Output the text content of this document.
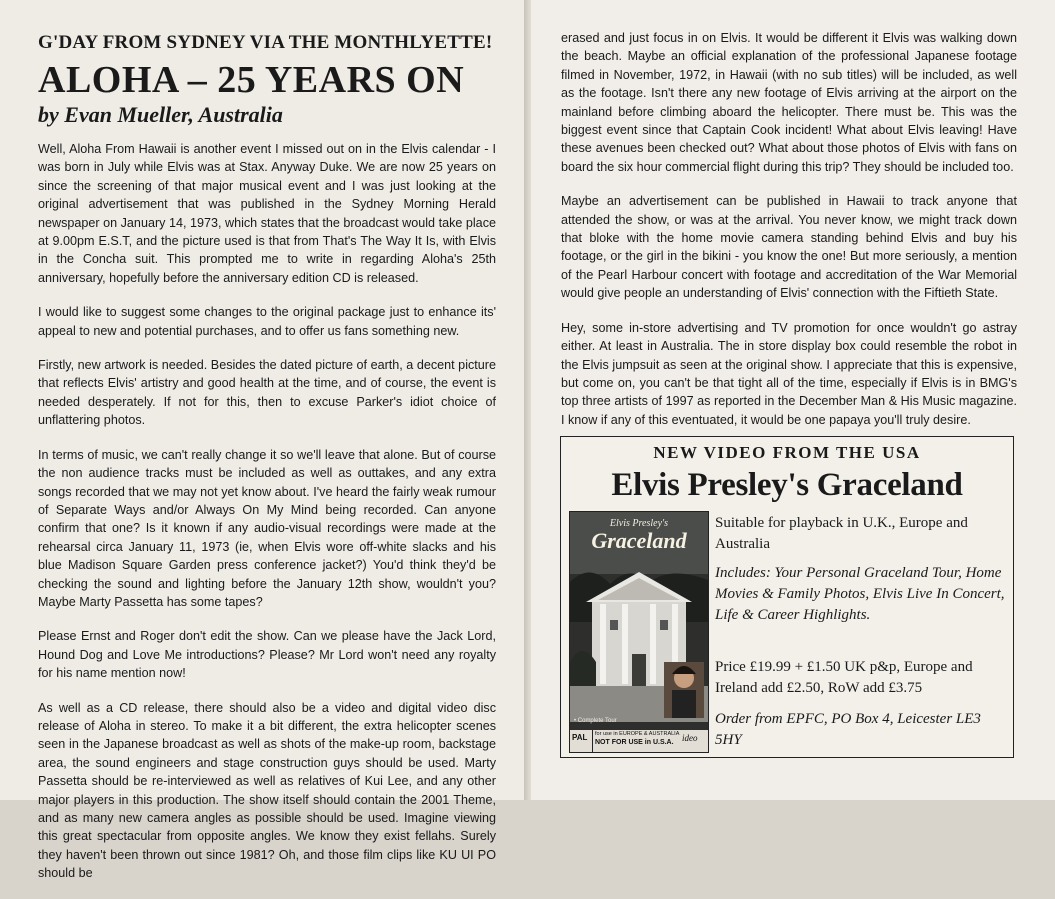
G'DAY FROM SYDNEY VIA THE MONTHLYETTE!
ALOHA – 25 YEARS ON
by Evan Mueller, Australia

Well, Aloha From Hawaii is another event I missed out on in the Elvis calendar - I was born in July while Elvis was at Stax. Anyway Duke. We are now 25 years on since the screening of that major musical event and I was just looking at the original advertisement that was published in the Sydney Morning Herald newspaper on January 14, 1973, which states that the broadcast would take place at 9.00pm E.S.T, and the picture used is that from That's The Way It Is, with Elvis in the Concha suit. This prompted me to write in regarding Aloha's 25th anniversary, hopefully before the anniversary edition CD is released.

I would like to suggest some changes to the original package just to enhance its' appeal to new and potential purchases, and to offer us fans something new.

Firstly, new artwork is needed. Besides the dated picture of earth, a decent picture that reflects Elvis' artistry and good health at the time, and of course, the event is needed desperately. If not for this, then to excuse Parker's idiot choice of unflattering photos.

In terms of music, we can't really change it so we'll leave that alone. But of course the non audience tracks must be included as well as outtakes, and any extra songs recorded that we may not yet know about. I've heard the fairly weak rumour of Separate Ways and/or Always On My Mind being recorded. Can anyone confirm that one? Is it known if any audio-visual recordings were made at the rehearsal circa January 11, 1973 (ie, when Elvis wore off-white slacks and his blue Madison Square Garden press conference jacket?) You'd think they'd be checking the sound and lighting before the January 12th show, wouldn't you? Maybe Marty Passetta has some tapes?

Please Ernst and Roger don't edit the show. Can we please have the Jack Lord, Hound Dog and Love Me introductions? Please? Mr Lord won't need any royalty for his name mention now!

As well as a CD release, there should also be a video and digital video disc release of Aloha in stereo. To make it a bit different, the extra helicopter scenes seen in the Japanese broadcast as well as shots of the make-up room, backstage area, the sound engineers and stage construction guys should be used. Marty Passetta should be re-interviewed as well as relatives of Kui Lee, and any other major players in this production. The show itself should contain the 2001 Theme, and as many new camera angles as possible should be used. Imagine viewing this great spectacular from opposite angles. We know they exist fellahs. Surely they haven't been thrown out since 1981? Oh, and those film clips like KU UI PO should be

erased and just focus in on Elvis. It would be different it Elvis was walking down the beach. Maybe an official explanation of the professional Japanese footage filmed in November, 1972, in Hawaii (with no sub titles) will be included, as well as the footage. Isn't there any new footage of Elvis arriving at the airport on the mainland before climbing aboard the helicopter. There must be. This was the biggest event since that Captain Cook incident! What about Elvis leaving! Have these avenues been checked out? What about those photos of Elvis with fans on board the six hour commercial flight during this trip? They should be included too.

Maybe an advertisement can be published in Hawaii to track anyone that attended the show, or was at the arrival. You never know, we might track down that bloke with the home movie camera standing behind Elvis and buy his footage, or the girl in the bikini - you know the one! But more seriously, a mention of the Pearl Harbour concert with footage and accreditation of the War Memorial would give people an understanding of Elvis' connection with the Fiftieth State.

Hey, some in-store advertising and TV promotion for once wouldn't go astray either. At least in Australia. The in store display box could resemble the robot in the Elvis jumpsuit as seen at the original show. I appreciate that this is expensive, but come on, you can't be that tight all of the time, especially if Elvis is in BMG's top three artists of 1997 as reported in the December Man & His Music magazine. I know if any of this eventuated, it would be one papaya you'll truly desire.

NEW VIDEO FROM THE USA
Elvis Presley's Graceland
Elvis Presley's
Graceland
• Complete Tour
PAL for use in EUROPE & AUSTRALIA
NOT FOR USE in U.S.A. ideo
Suitable for playback in U.K., Europe and Australia
Includes: Your Personal Graceland Tour, Home Movies & Family Photos, Elvis Live In Concert, Life & Career Highlights.
Price £19.99 + £1.50 UK p&p, Europe and Ireland add £2.50, RoW add £3.75
Order from EPFC, PO Box 4, Leicester LE3 5HY
